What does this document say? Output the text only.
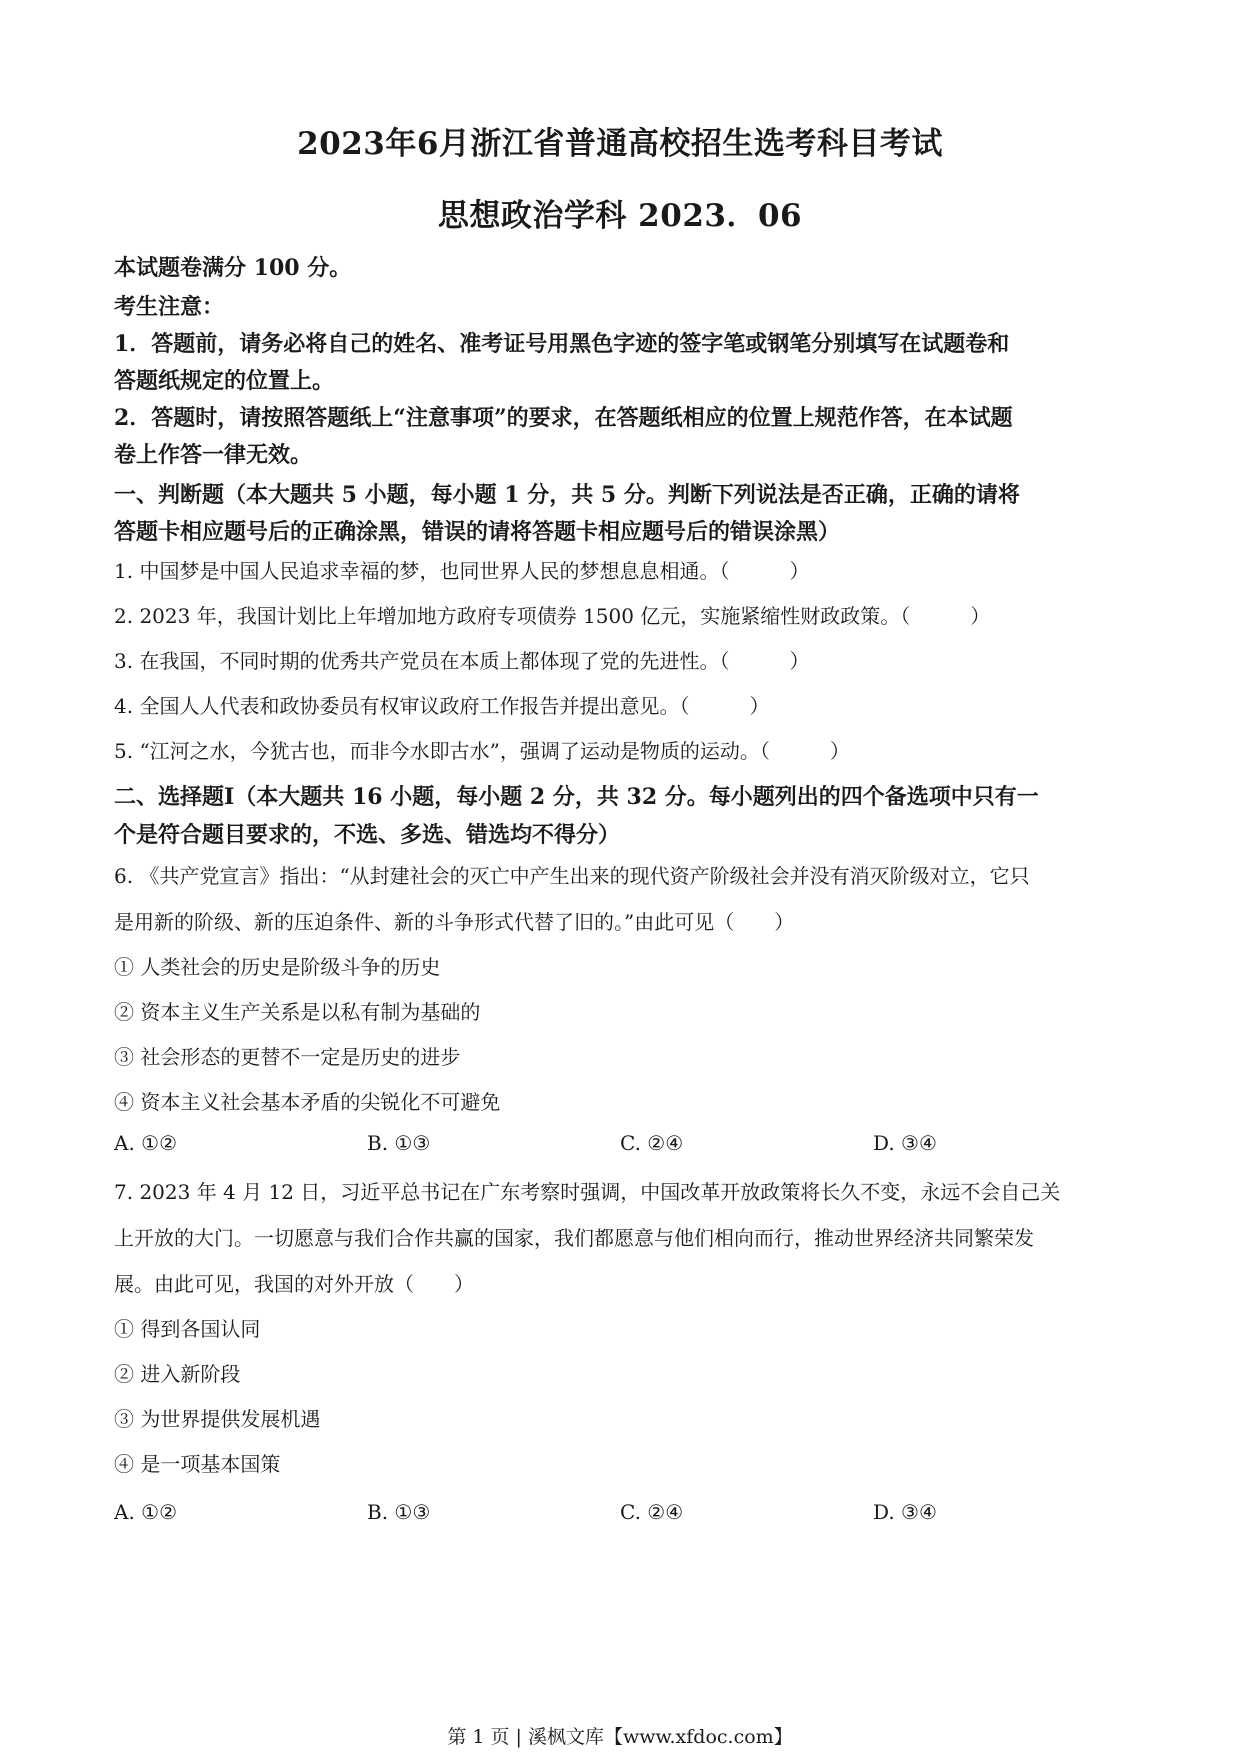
2023年6月浙江省普通高校招生选考科目考试
思想政治学科 2023．06
本试题卷满分 100 分。
考生注意：
1．答题前，请务必将自己的姓名、准考证号用黑色字迹的签字笔或钢笔分别填写在试题卷和
答题纸规定的位置上。
2．答题时，请按照答题纸上“注意事项”的要求，在答题纸相应的位置上规范作答，在本试题
卷上作答一律无效。
一、判断题（本大题共 5 小题，每小题 1 分，共 5 分。判断下列说法是否正确，正确的请将
答题卡相应题号后的正确涂黑，错误的请将答题卡相应题号后的错误涂黑）
1. 中国梦是中国人民追求幸福的梦，也同世界人民的梦想息息相通。（　　　）
2. 2023 年，我国计划比上年增加地方政府专项债券 1500 亿元，实施紧缩性财政政策。（　　　）
3. 在我国，不同时期的优秀共产党员在本质上都体现了党的先进性。（　　　）
4. 全国人人代表和政协委员有权审议政府工作报告并提出意见。（　　　）
5. “江河之水，今犹古也，而非今水即古水”，强调了运动是物质的运动。（　　　）
二、选择题Ⅰ（本大题共 16 小题，每小题 2 分，共 32 分。每小题列出的四个备选项中只有一
个是符合题目要求的，不选、多选、错选均不得分）
6. 《共产党宣言》指出：“从封建社会的灭亡中产生出来的现代资产阶级社会并没有消灭阶级对立，它只
是用新的阶级、新的压迫条件、新的斗争形式代替了旧的。”由此可见（　　）
① 人类社会的历史是阶级斗争的历史
② 资本主义生产关系是以私有制为基础的
③ 社会形态的更替不一定是历史的进步
④ 资本主义社会基本矛盾的尖锐化不可避免
A. ①②	B. ①③	C. ②④	D. ③④
7. 2023 年 4 月 12 日，习近平总书记在广东考察时强调，中国改革开放政策将长久不变，永远不会自己关
上开放的大门。一切愿意与我们合作共赢的国家，我们都愿意与他们相向而行，推动世界经济共同繁荣发
展。由此可见，我国的对外开放（　　）
① 得到各国认同
② 进入新阶段
③ 为世界提供发展机遇
④ 是一项基本国策
A. ①②	B. ①③	C. ②④	D. ③④
第 1 页 | 溪枫文库【www.xfdoc.com】
